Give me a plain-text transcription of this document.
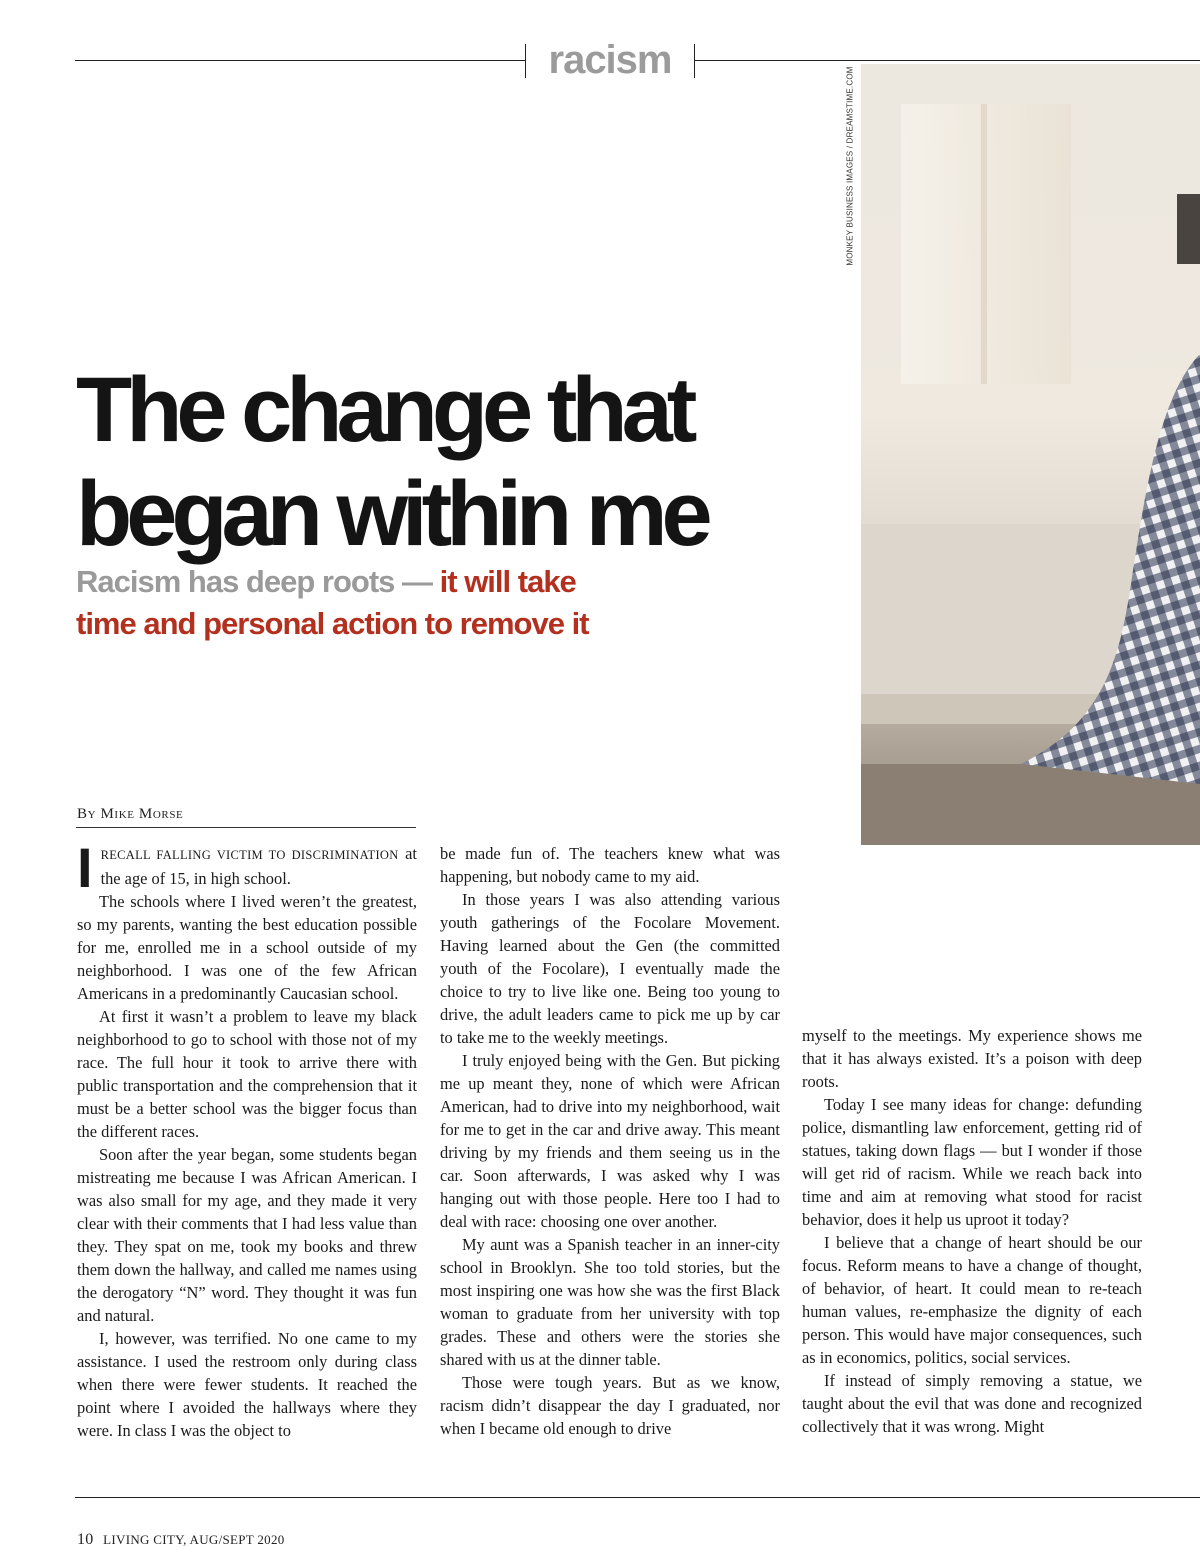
racism
MONKEY BUSINESS IMAGES / DREAMSTIME.COM
The change that
began within me
Racism has deep roots — it will take
time and personal action to remove it
By Mike Morse

I RECALL FALLING VICTIM TO DISCRIMINATION at the age of 15, in high school.

The schools where I lived weren’t the greatest, so my parents, wanting the best education possible for me, enrolled me in a school outside of my neighborhood. I was one of the few African Americans in a predominantly Caucasian school.

At first it wasn’t a problem to leave my black neighborhood to go to school with those not of my race. The full hour it took to arrive there with public transportation and the comprehension that it must be a better school was the bigger focus than the different races.

Soon after the year began, some students began mistreating me because I was African American. I was also small for my age, and they made it very clear with their comments that I had less value than they. They spat on me, took my books and threw them down the hallway, and called me names using the derogatory “N” word. They thought it was fun and natural.

I, however, was terrified. No one came to my assistance. I used the restroom only during class when there were fewer students. It reached the point where I avoided the hallways where they were. In class I was the object to

be made fun of. The teachers knew what was happening, but nobody came to my aid.

In those years I was also attending various youth gatherings of the Focolare Movement. Having learned about the Gen (the committed youth of the Focolare), I eventually made the choice to try to live like one. Being too young to drive, the adult leaders came to pick me up by car to take me to the weekly meetings.

I truly enjoyed being with the Gen. But picking me up meant they, none of which were African American, had to drive into my neighborhood, wait for me to get in the car and drive away. This meant driving by my friends and them seeing us in the car. Soon afterwards, I was asked why I was hanging out with those people. Here too I had to deal with race: choosing one over another.

My aunt was a Spanish teacher in an inner-city school in Brooklyn. She too told stories, but the most inspiring one was how she was the first Black woman to graduate from her university with top grades. These and others were the stories she shared with us at the dinner table.

Those were tough years. But as we know, racism didn’t disappear the day I graduated, nor when I became old enough to drive

myself to the meetings. My experience shows me that it has always existed. It’s a poison with deep roots.

Today I see many ideas for change: defunding police, dismantling law enforcement, getting rid of statues, taking down flags — but I wonder if those will get rid of racism. While we reach back into time and aim at removing what stood for racist behavior, does it help us uproot it today?

I believe that a change of heart should be our focus. Reform means to have a change of thought, of behavior, of heart. It could mean to re-teach human values, re-emphasize the dignity of each person. This would have major consequences, such as in economics, politics, social services.

If instead of simply removing a statue, we taught about the evil that was done and recognized collectively that it was wrong. Might

10 LIVING CITY, AUG/SEPT 2020
